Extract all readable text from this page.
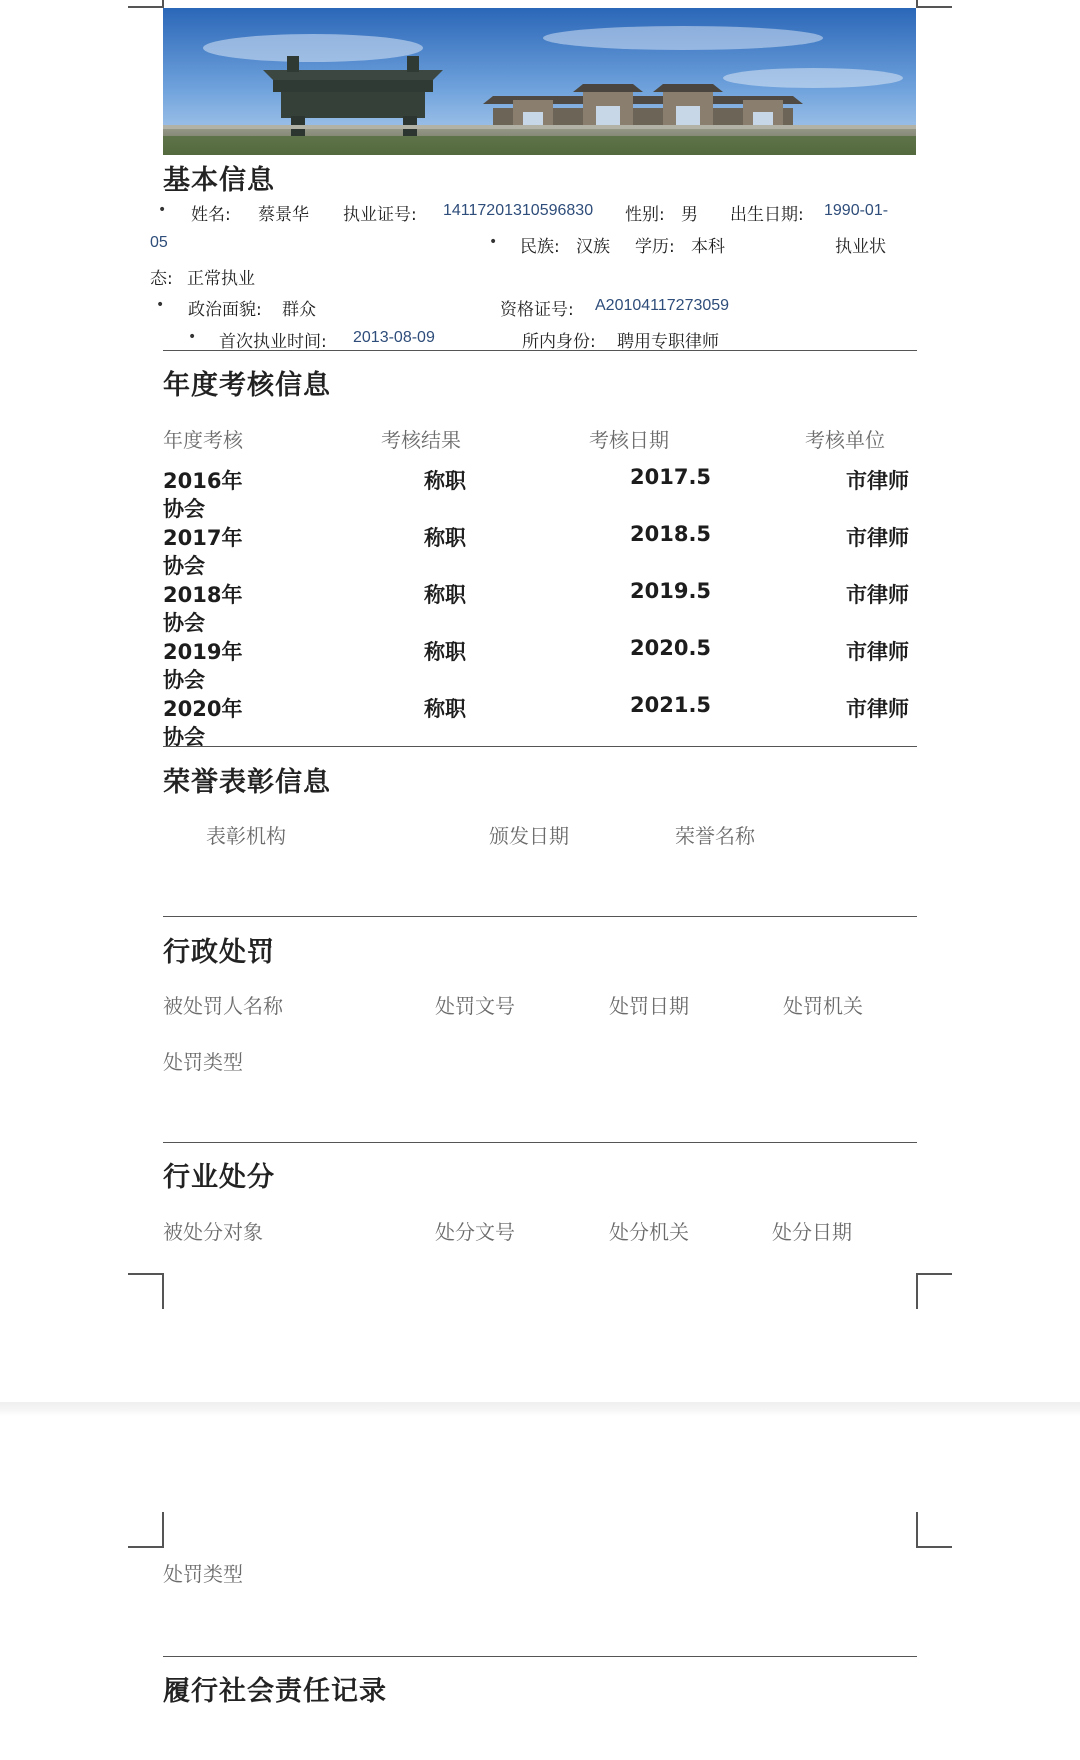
基本信息
• 姓名: 蔡景华 执业证号: 14117201310596830 性别: 男 出生日期: 1990-01-
05	• 民族: 汉族 学历: 本科	执业状
态: 正常执业
• 政治面貌: 群众	资格证号: A20104117273059
• 首次执业时间: 2013-08-09	所内身份: 聘用专职律师
年度考核信息
年度考核	考核结果	考核日期	考核单位
2016年
协会
称职	2017.5	市律师
2017年
协会
称职	2018.5	市律师
2018年
协会
称职	2019.5	市律师
2019年
协会
称职	2020.5	市律师
2020年
协会
称职	2021.5	市律师
荣誉表彰信息
表彰机构	颁发日期	荣誉名称
行政处罚
被处罚人名称	处罚文号	处罚日期	处罚机关
处罚类型
行业处分
被处分对象	处分文号	处分机关	处分日期
处罚类型
履行社会责任记录
